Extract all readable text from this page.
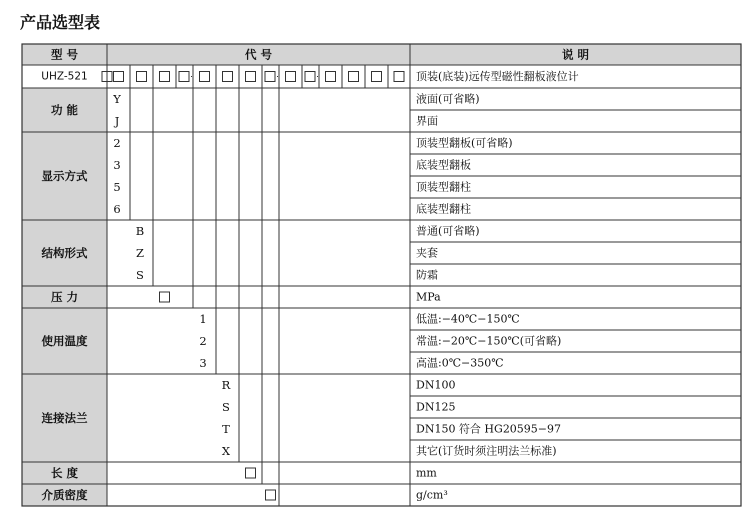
产品选型表
型 号	代 号	说 明
UHZ-521	顶装(底装)远传型磁性翻板液位计
功 能
Y	液面(可省略)
J	界面
显示方式
2	顶装型翻板(可省略)
3	底装型翻板
5	顶装型翻柱
6	底装型翻柱
结构形式
B	普通(可省略)
Z	夹套
S	防霜
压 力	MPa
使用温度
1	低温:−40℃−150℃
2	常温:−20℃−150℃(可省略)
3	高温:0℃−350℃
连接法兰
R	DN100
S	DN125
T	DN150 符合 HG20595−97
X	其它(订货时须注明法兰标准)
长 度	mm
介质密度	g/cm³
